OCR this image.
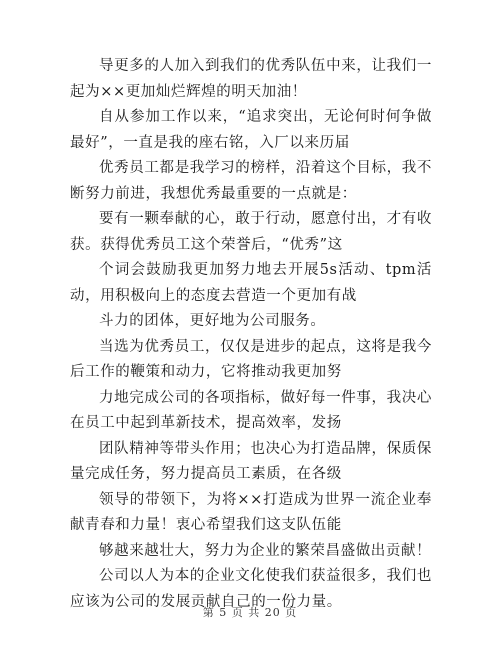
导更多的人加入到我们的优秀队伍中来，让我们一起为××更加灿烂辉煌的明天加油！

自从参加工作以来，“追求突出，无论何时何争做最好”，一直是我的座右铭，入厂以来历届

优秀员工都是我学习的榜样，沿着这个目标，我不断努力前进，我想优秀最重要的一点就是：

要有一颗奉献的心，敢于行动，愿意付出，才有收获。获得优秀员工这个荣誉后，“优秀”这

个词会鼓励我更加努力地去开展5s活动、tpm活动，用积极向上的态度去营造一个更加有战

斗力的团体，更好地为公司服务。

当选为优秀员工，仅仅是进步的起点，这将是我今后工作的鞭策和动力，它将推动我更加努

力地完成公司的各项指标，做好每一件事，我决心在员工中起到革新技术，提高效率，发扬

团队精神等带头作用；也决心为打造品牌，保质保量完成任务，努力提高员工素质，在各级

领导的带领下，为将××打造成为世界一流企业奉献青春和力量！衷心希望我们这支队伍能

够越来越壮大，努力为企业的繁荣昌盛做出贡献！

公司以人为本的企业文化使我们获益很多，我们也应该为公司的发展贡献自己的一份力量。

第 5 页 共 20 页
